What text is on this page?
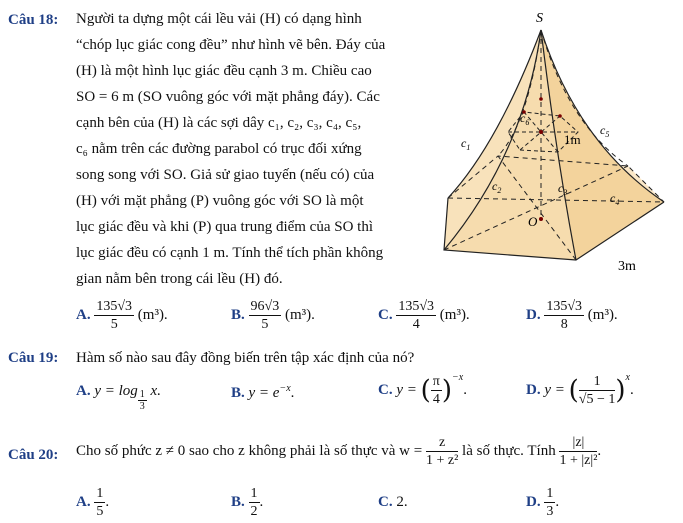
Câu 18: Người ta dựng một cái lều vải (H) có dạng hình
“chóp lục giác cong đều” như hình vẽ bên. Đáy của
(H) là một hình lục giác đều cạnh 3 m. Chiều cao
SO = 6 m (SO vuông góc với mặt phẳng đáy). Các
cạnh bên của (H) là các sợi dây c₁, c₂, c₃, c₄, c₅,
c₆ nằm trên các đường parabol có trục đối xứng
song song với SO. Giả sử giao tuyến (nếu có) của
(H) với mặt phẳng (P) vuông góc với SO là một
lục giác đều và khi (P) qua trung điểm của SO thì
lục giác đều có cạnh 1 m. Tính thể tích phần không
gian nằm bên trong cái lều (H) đó.
S
O
1m
3m
$c_1$
$c_2$	$c_3$	$c_4$
$c_5$
$c_6$
A. $\frac{135√3}{5} (m^3)$.	B. $\frac{96√3}{5} (m^3)$.	C. $\frac{135√3}{4} (m^3)$.	D. $\frac{135√3}{8} (m^3)$.
Câu 19: Hàm số nào sau đây đồng biến trên tập xác định của nó?
A. $y = \log \frac{1}{3} x$.	B. $y = e^{-x}$.	C. y = ( $\frac{\pi}{4} )^{-x}$.	D. y = ( $\frac{1}{√5 - 1} )^x$.
Câu 20: Cho số phức z ≠ 0 sao cho z không phải là số thực và $w = \frac{z}{\text{1 + z²}}$ là số thực. Tính $\frac{|z|}{\text{1 + |z|²}}$ .
A. $\frac{1}{5}$ .	B. $\frac{1}{2}$ .	C. 2.	D. $\frac{1}{3}$ .
